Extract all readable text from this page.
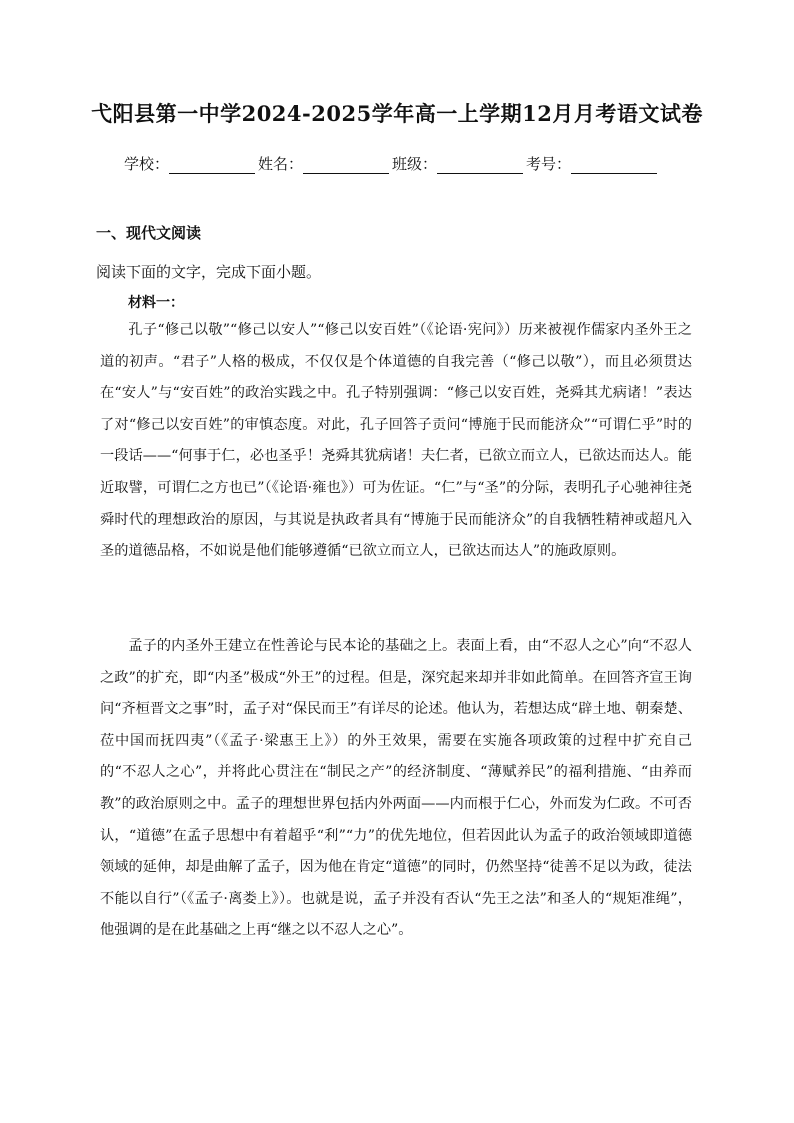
弋阳县第一中学2024-2025学年高一上学期12月月考语文试卷
学校：	姓名：	班级：	考号：
一、现代文阅读
阅读下面的文字，完成下面小题。
材料一：

孔子“修己以敬”“修己以安人”“修己以安百姓”（《论语·宪问》）历来被视作儒家内圣外王之道的初声。“君子”人格的极成，不仅仅是个体道德的自我完善（“修己以敬”），而且必须贯达在“安人”与“安百姓”的政治实践之中。孔子特别强调：“修己以安百姓，尧舜其尤病诸！”表达了对“修己以安百姓”的审慎态度。对此，孔子回答子贡问“博施于民而能济众”“可谓仁乎”时的一段话——“何事于仁，必也圣乎！尧舜其犹病诸！夫仁者，已欲立而立人，已欲达而达人。能近取譬，可谓仁之方也已”（《论语·雍也》）可为佐证。“仁”与“圣”的分际，表明孔子心驰神往尧舜时代的理想政治的原因，与其说是执政者具有“博施于民而能济众”的自我牺牲精神或超凡入圣的道德品格，不如说是他们能够遵循“已欲立而立人，已欲达而达人”的施政原则。

孟子的内圣外王建立在性善论与民本论的基础之上。表面上看，由“不忍人之心”向“不忍人之政”的扩充，即“内圣”极成“外王”的过程。但是，深究起来却并非如此简单。在回答齐宣王询问“齐桓晋文之事”时，孟子对“保民而王”有详尽的论述。他认为，若想达成“辟土地、朝秦楚、莅中国而抚四夷”（《孟子·梁惠王上》）的外王效果，需要在实施各项政策的过程中扩充自己的“不忍人之心”，并将此心贯注在“制民之产”的经济制度、“薄赋养民”的福利措施、“由养而教”的政治原则之中。孟子的理想世界包括内外两面——内而根于仁心，外而发为仁政。不可否认，“道德”在孟子思想中有着超乎“利”“力”的优先地位，但若因此认为孟子的政治领域即道德领域的延伸，却是曲解了孟子，因为他在肯定“道德”的同时，仍然坚持“徒善不足以为政，徒法不能以自行”（《孟子·离娄上》）。也就是说，孟子并没有否认“先王之法”和圣人的“规矩准绳”，他强调的是在此基础之上再“继之以不忍人之心”。
